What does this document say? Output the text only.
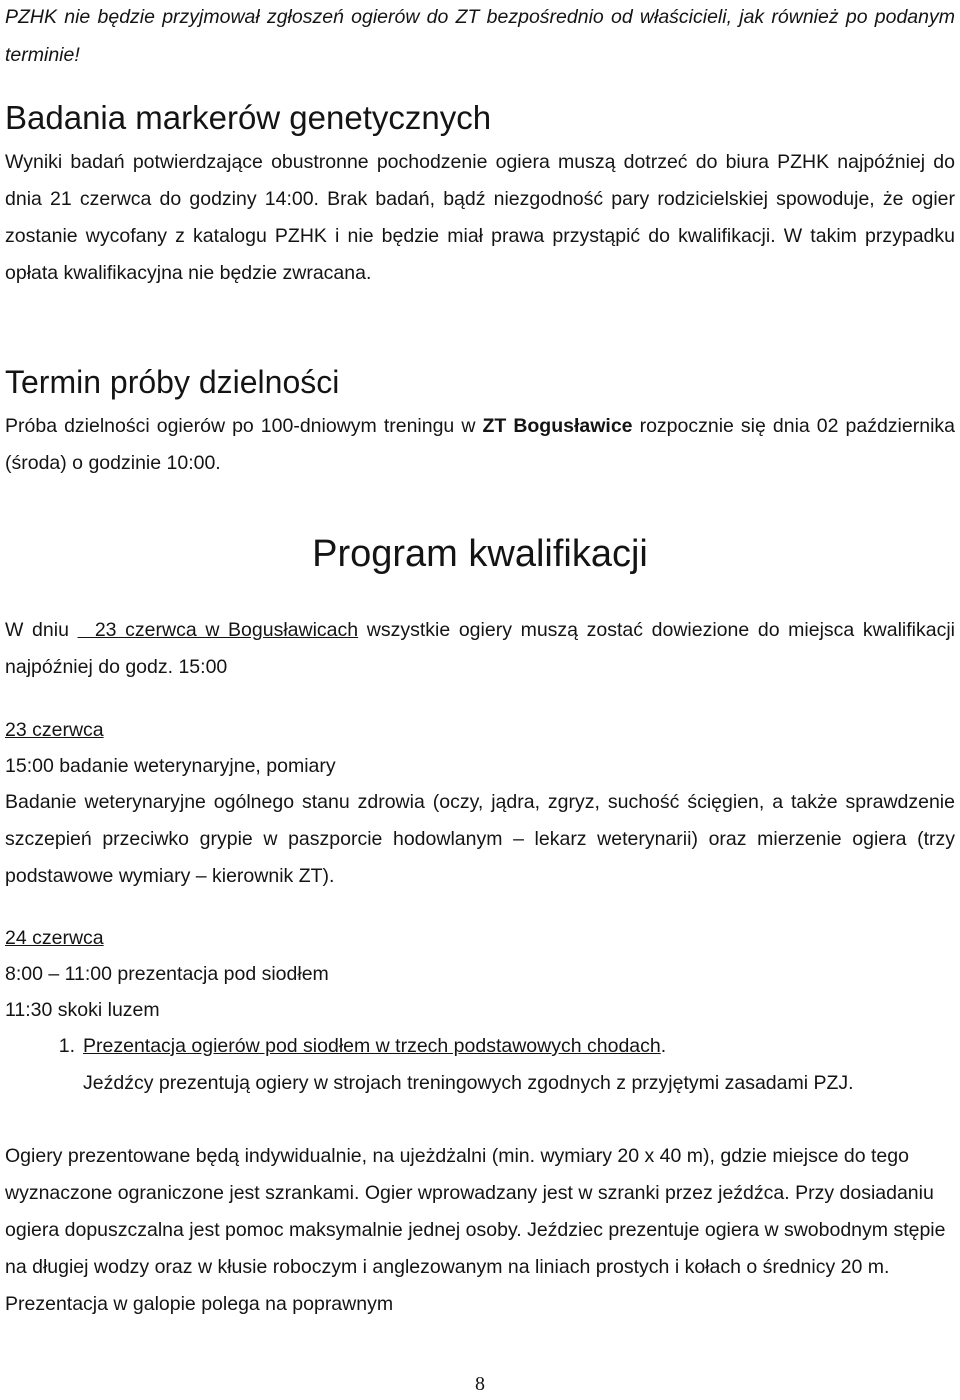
PZHK nie będzie przyjmował zgłoszeń ogierów do ZT bezpośrednio od właścicieli, jak również po podanym terminie!

Badania markerów genetycznych

Wyniki badań potwierdzające obustronne pochodzenie ogiera muszą dotrzeć do biura PZHK najpóźniej do dnia 21 czerwca do godziny 14:00. Brak badań, bądź niezgodność pary rodzicielskiej spowoduje, że ogier zostanie wycofany z katalogu PZHK i nie będzie miał prawa przystąpić do kwalifikacji. W takim przypadku opłata kwalifikacyjna nie będzie zwracana.

Termin próby dzielności

Próba dzielności ogierów po 100-dniowym treningu w ZT Bogusławice rozpocznie się dnia 02 października (środa) o godzinie 10:00.

Program kwalifikacji

W dniu   23 czerwca w Bogusławicach wszystkie ogiery muszą zostać dowiezione do miejsca kwalifikacji najpóźniej do godz. 15:00

23 czerwca

15:00 badanie weterynaryjne, pomiary

Badanie weterynaryjne ogólnego stanu zdrowia (oczy, jądra, zgryz, suchość ścięgien, a także sprawdzenie szczepień przeciwko grypie w paszporcie hodowlanym – lekarz weterynarii) oraz mierzenie ogiera (trzy podstawowe wymiary – kierownik ZT).

24 czerwca

8:00 – 11:00 prezentacja pod siodłem

11:30 skoki luzem

1. Prezentacja ogierów pod siodłem w trzech podstawowych chodach.

Jeźdźcy prezentują ogiery w strojach treningowych zgodnych z przyjętymi zasadami PZJ.

Ogiery prezentowane będą indywidualnie, na ujeżdżalni (min. wymiary 20 x 40 m), gdzie miejsce do tego wyznaczone ograniczone jest szrankami. Ogier wprowadzany jest w szranki przez jeźdźca. Przy dosiadaniu ogiera dopuszczalna jest pomoc maksymalnie jednej osoby. Jeździec prezentuje ogiera w swobodnym stępie na długiej wodzy oraz w kłusie roboczym i anglezowanym na liniach prostych i kołach o średnicy 20 m.

Prezentacja w galopie polega na poprawnym

8
